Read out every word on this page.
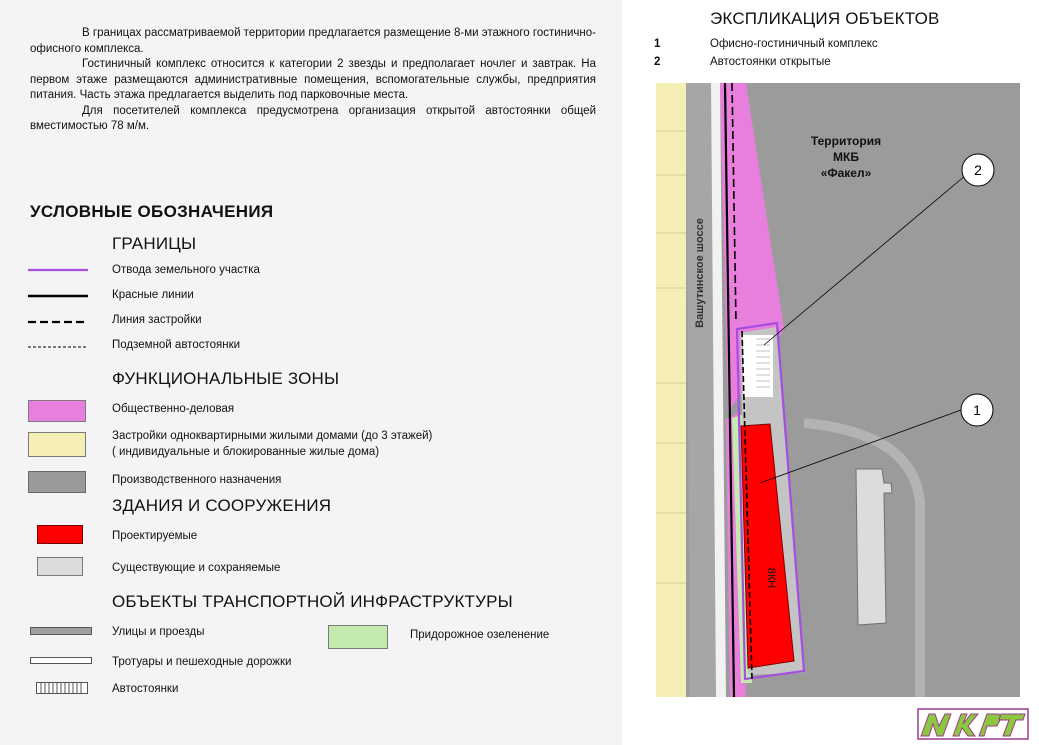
В границах рассматриваемой территории предлагается размещение 8-ми этажного гостинично-офисного комплекса.

Гостиничный комплекс относится к категории 2 звезды и предполагает ночлег и завтрак. На первом этаже размещаются административные помещения, вспомогательные службы, предприятия питания. Часть этажа предлагается выделить под парковочные места.

Для посетителей комплекса предусмотрена организация открытой автостоянки общей вместимостью 78 м/м.

УСЛОВНЫЕ ОБОЗНАЧЕНИЯ
ГРАНИЦЫ
Отвода земельного участка
Красные линии
Линия застройки
Подземной автостоянки
ФУНКЦИОНАЛЬНЫЕ ЗОНЫ
Общественно-деловая
Застройки одноквартирными жилыми домами (до 3 этажей)
( индивидуальные и блокированные жилые дома)
Производственного назначения
ЗДАНИЯ И СООРУЖЕНИЯ
Проектируемые
Существующие и сохраняемые
ОБЪЕКТЫ ТРАНСПОРТНОЙ ИНФРАСТРУКТУРЫ
Улицы и проезды
Тротуары и пешеходные дорожки
Автостоянки
Придорожное озеленение
ЭКСПЛИКАЦИЯ ОБЪЕКТОВ
1	Офисно-гостиничный комплекс
2	Автостоянки открытые
2
1
Вашутинское шоссе
Территория
МКБ
«Факел»
8КН
